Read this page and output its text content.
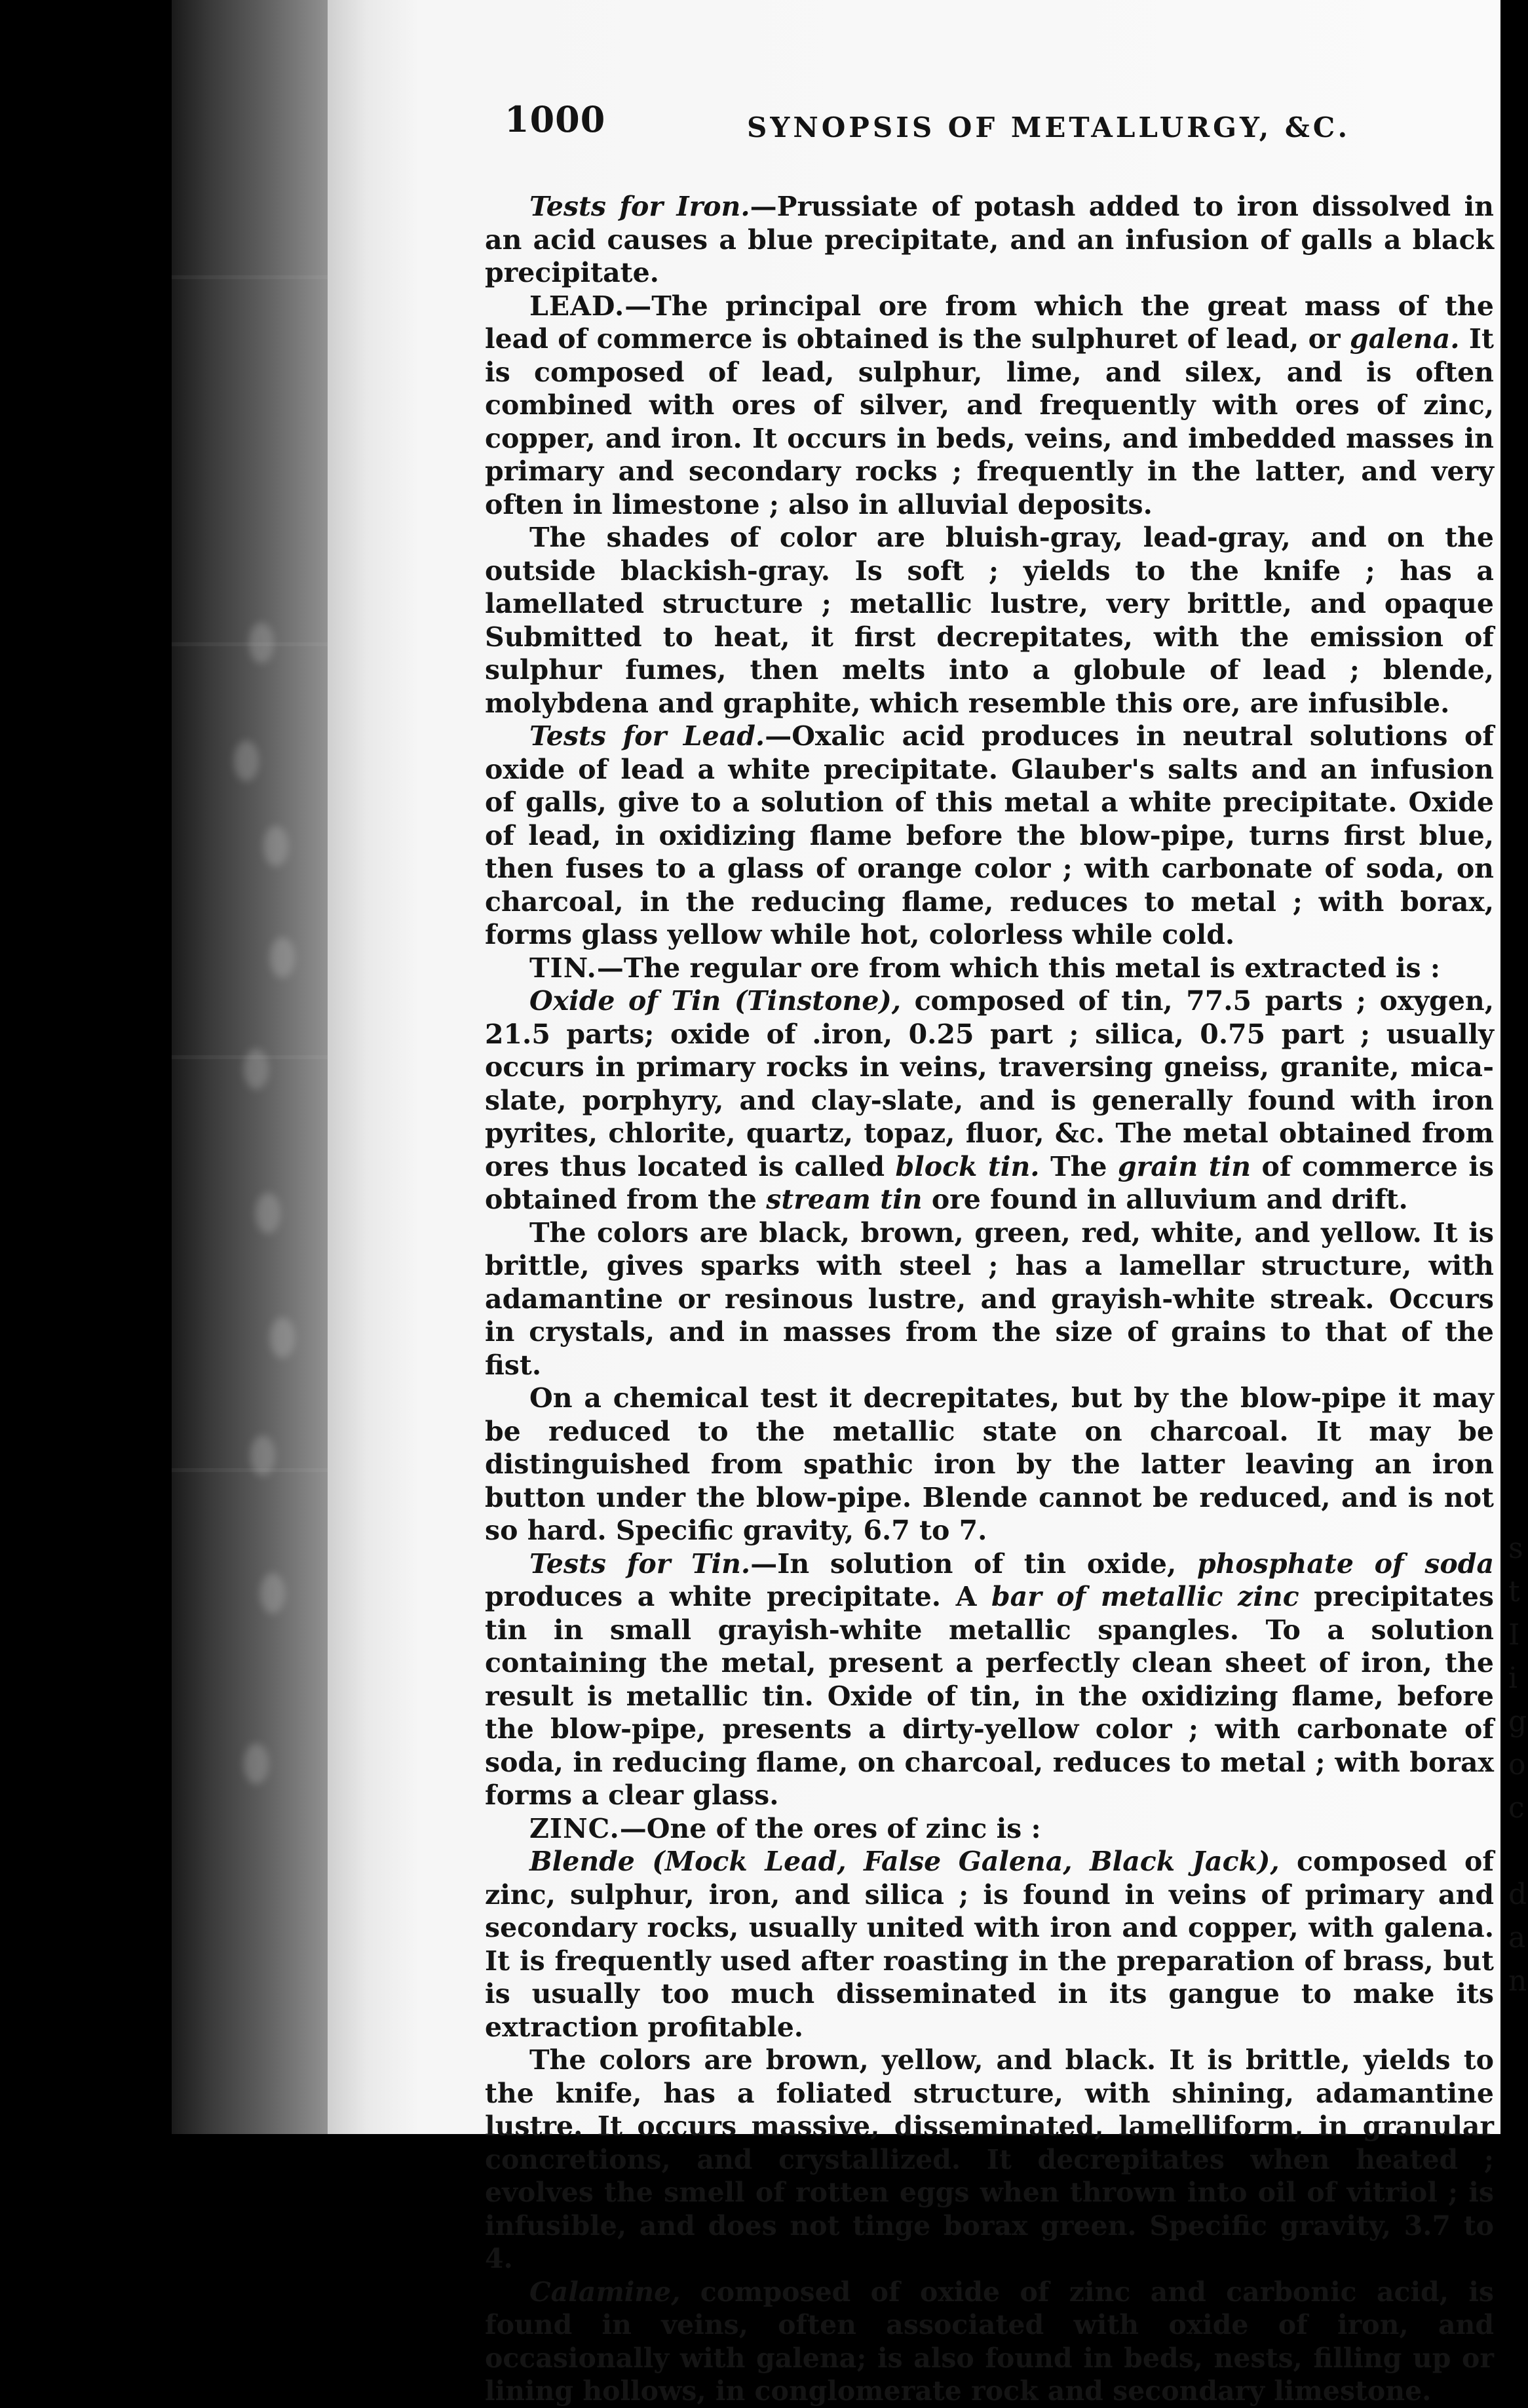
s
t
I
i
g
o
c

d
a
n
1000	SYNOPSIS OF METALLURGY, &C.

Tests for Iron.—Prussiate of potash added to iron dissolved in an acid causes a blue precipitate, and an infusion of galls a black precipitate.

LEAD.—The principal ore from which the great mass of the lead of commerce is obtained is the sulphuret of lead, or galena. It is composed of lead, sulphur, lime, and silex, and is often combined with ores of silver, and frequently with ores of zinc, copper, and iron. It occurs in beds, veins, and imbedded masses in primary and secondary rocks ; frequently in the latter, and very often in limestone ; also in alluvial deposits.

The shades of color are bluish-gray, lead-gray, and on the outside blackish-gray. Is soft ; yields to the knife ; has a lamellated structure ; metallic lustre, very brittle, and opaque Submitted to heat, it first decrepitates, with the emission of sulphur fumes, then melts into a globule of lead ; blende, molybdena and graphite, which resemble this ore, are infusible.

Tests for Lead.—Oxalic acid produces in neutral solutions of oxide of lead a white precipitate. Glauber's salts and an infusion of galls, give to a solution of this metal a white precipitate. Oxide of lead, in oxidizing flame before the blow-pipe, turns first blue, then fuses to a glass of orange color ; with carbonate of soda, on charcoal, in the reducing flame, reduces to metal ; with borax, forms glass yellow while hot, colorless while cold.

TIN.—The regular ore from which this metal is extracted is :

Oxide of Tin (Tinstone), composed of tin, 77.5 parts ; oxygen, 21.5 parts; oxide of .iron, 0.25 part ; silica, 0.75 part ; usually occurs in primary rocks in veins, traversing gneiss, granite, mica-slate, porphyry, and clay-slate, and is generally found with iron pyrites, chlorite, quartz, topaz, fluor, &c. The metal obtained from ores thus located is called block tin. The grain tin of commerce is obtained from the stream tin ore found in alluvium and drift.

The colors are black, brown, green, red, white, and yellow. It is brittle, gives sparks with steel ; has a lamellar structure, with adamantine or resinous lustre, and grayish-white streak. Occurs in crystals, and in masses from the size of grains to that of the fist.

On a chemical test it decrepitates, but by the blow-pipe it may be reduced to the metallic state on charcoal. It may be distinguished from spathic iron by the latter leaving an iron button under the blow-pipe. Blende cannot be reduced, and is not so hard. Specific gravity, 6.7 to 7.

Tests for Tin.—In solution of tin oxide, phosphate of soda produces a white precipitate. A bar of metallic zinc precipitates tin in small grayish-white metallic spangles. To a solution containing the metal, present a perfectly clean sheet of iron, the result is metallic tin. Oxide of tin, in the oxidizing flame, before the blow-pipe, presents a dirty-yellow color ; with carbonate of soda, in reducing flame, on charcoal, reduces to metal ; with borax forms a clear glass.

ZINC.—One of the ores of zinc is :

Blende (Mock Lead, False Galena, Black Jack), composed of zinc, sulphur, iron, and silica ; is found in veins of primary and secondary rocks, usually united with iron and copper, with galena. It is frequently used after roasting in the preparation of brass, but is usually too much disseminated in its gangue to make its extraction profitable.

The colors are brown, yellow, and black. It is brittle, yields to the knife, has a foliated structure, with shining, adamantine lustre. It occurs massive, disseminated, lamelliform, in granular concretions, and crystallized. It decrepitates when heated ; evolves the smell of rotten eggs when thrown into oil of vitriol ; is infusible, and does not tinge borax green. Specific gravity, 3.7 to 4.

Calamine, composed of oxide of zinc and carbonic acid, is found in veins, often associated with oxide of iron, and occasionally with galena; is also found in beds, nests, filling up or lining hollows, in conglomerate rock and secondary limestone.
